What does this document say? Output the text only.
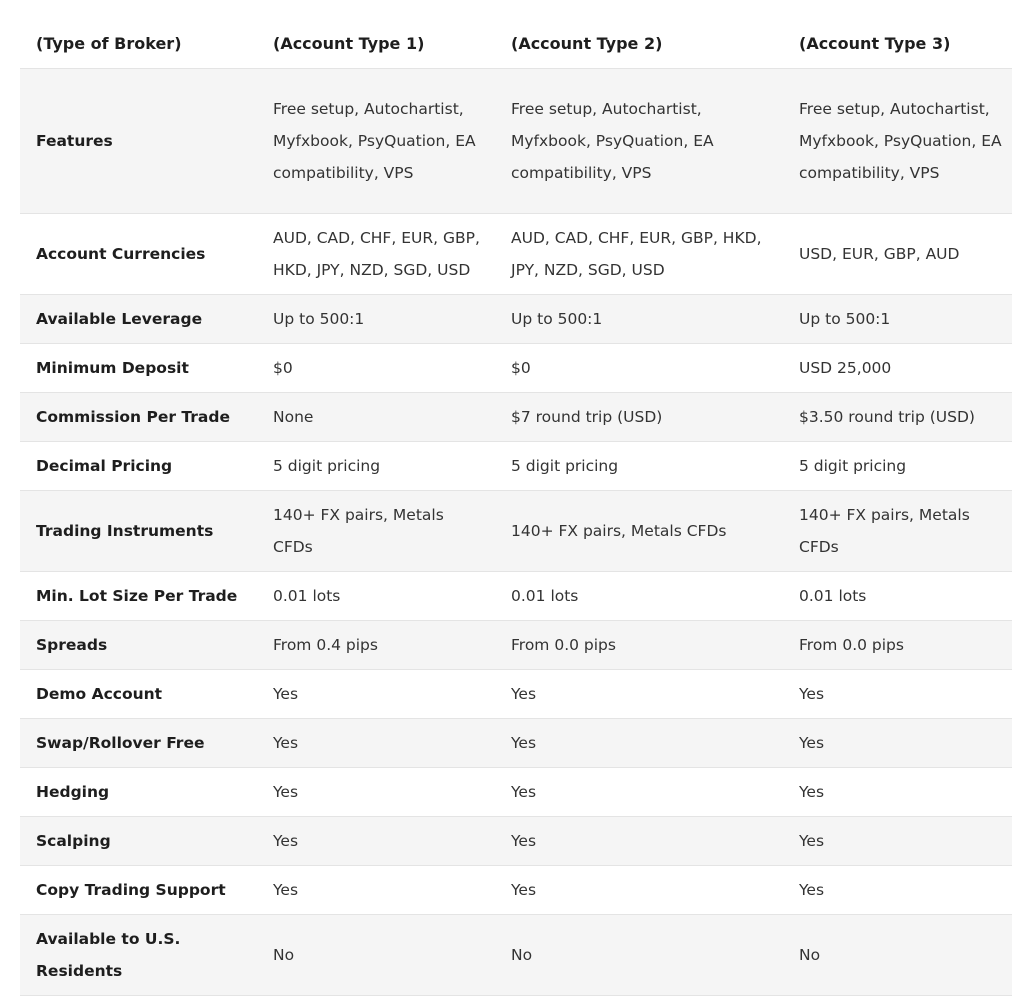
(Type of Broker)	(Account Type 1)	(Account Type 2)	(Account Type 3)
Features	Free setup, Autochartist, Myfxbook, PsyQuation, EA compatibility, VPS	Free setup, Autochartist, Myfxbook, PsyQuation, EA compatibility, VPS	Free setup, Autochartist, Myfxbook, PsyQuation, EA compatibility, VPS
Account Currencies	AUD, CAD, CHF, EUR, GBP, HKD, JPY, NZD, SGD, USD	AUD, CAD, CHF, EUR, GBP, HKD, JPY, NZD, SGD, USD	USD, EUR, GBP, AUD
Available Leverage	Up to 500:1	Up to 500:1	Up to 500:1
Minimum Deposit	$0	$0	USD 25,000
Commission Per Trade	None	$7 round trip (USD)	$3.50 round trip (USD)
Decimal Pricing	5 digit pricing	5 digit pricing	5 digit pricing
Trading Instruments	140+ FX pairs, Metals CFDs	140+ FX pairs, Metals CFDs	140+ FX pairs, Metals CFDs
Min. Lot Size Per Trade	0.01 lots	0.01 lots	0.01 lots
Spreads	From 0.4 pips	From 0.0 pips	From 0.0 pips
Demo Account	Yes	Yes	Yes
Swap/Rollover Free	Yes	Yes	Yes
Hedging	Yes	Yes	Yes
Scalping	Yes	Yes	Yes
Copy Trading Support	Yes	Yes	Yes
Available to U.S. Residents	No	No	No
